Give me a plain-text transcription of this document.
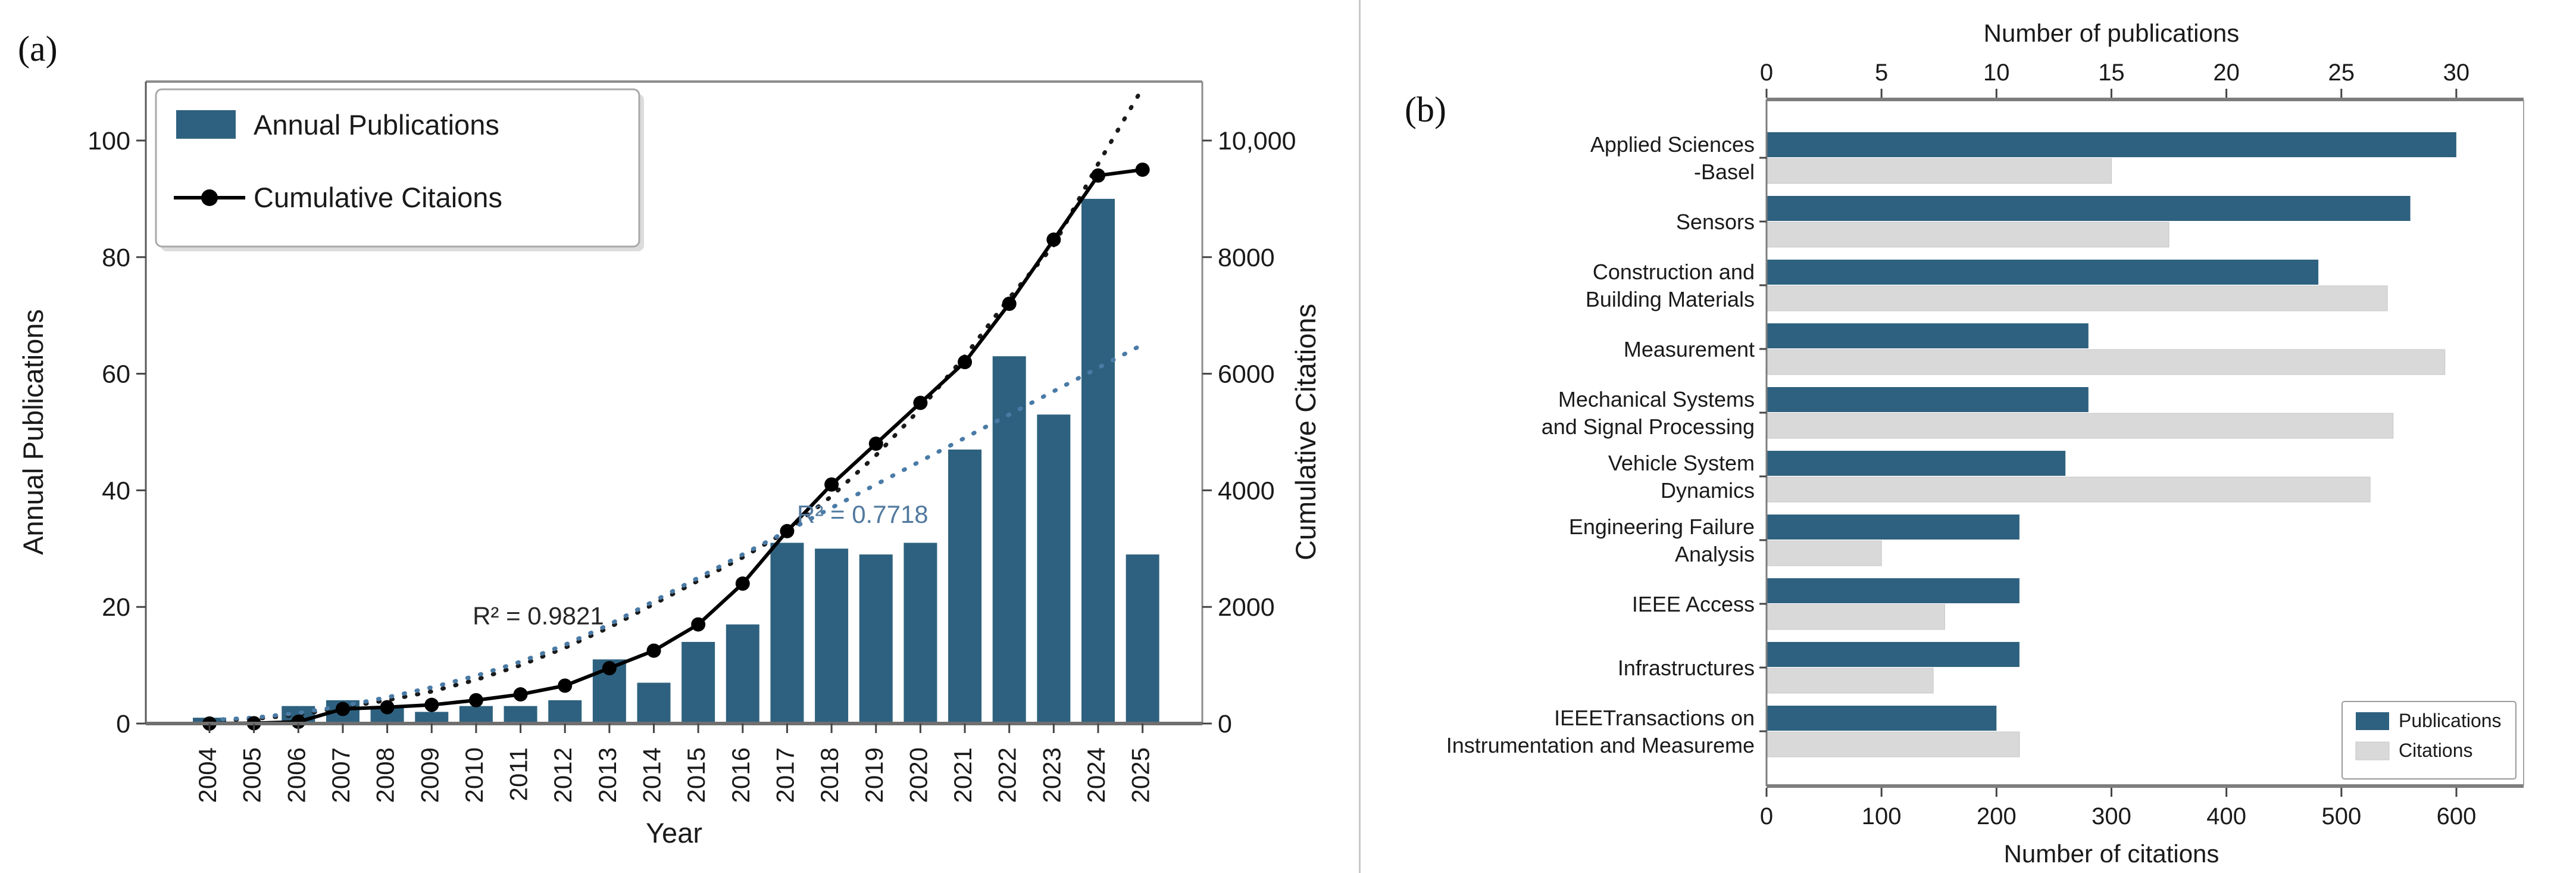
(a)
(b)
0
20
40
60
80
100
0
2000
4000
6000
8000
10,000
2004 2005 2006 2007 2008 2009 2010 2011 2012 2013 2014 2015 2016 2017 2018 2019 2020 2021 2022 2023 2024 2025
Year
Annual Publications	Cumulative Citations
Annual Publications
Cumulative Citaions
R² = 0.9821
R² = 0.7718
0	5	10	15	20	25	30
Number of publications
0	100	200	300	400	500	600
Number of citations
Applied Sciences
-Basel
Sensors
Construction and
Building Materials
Measurement
Mechanical Systems
and Signal Processing
Vehicle System
Dynamics
Engineering Failure
Analysis
IEEE Access
Infrastructures
IEEETransactions on
Instrumentation and Measureme
Publications
Citations
